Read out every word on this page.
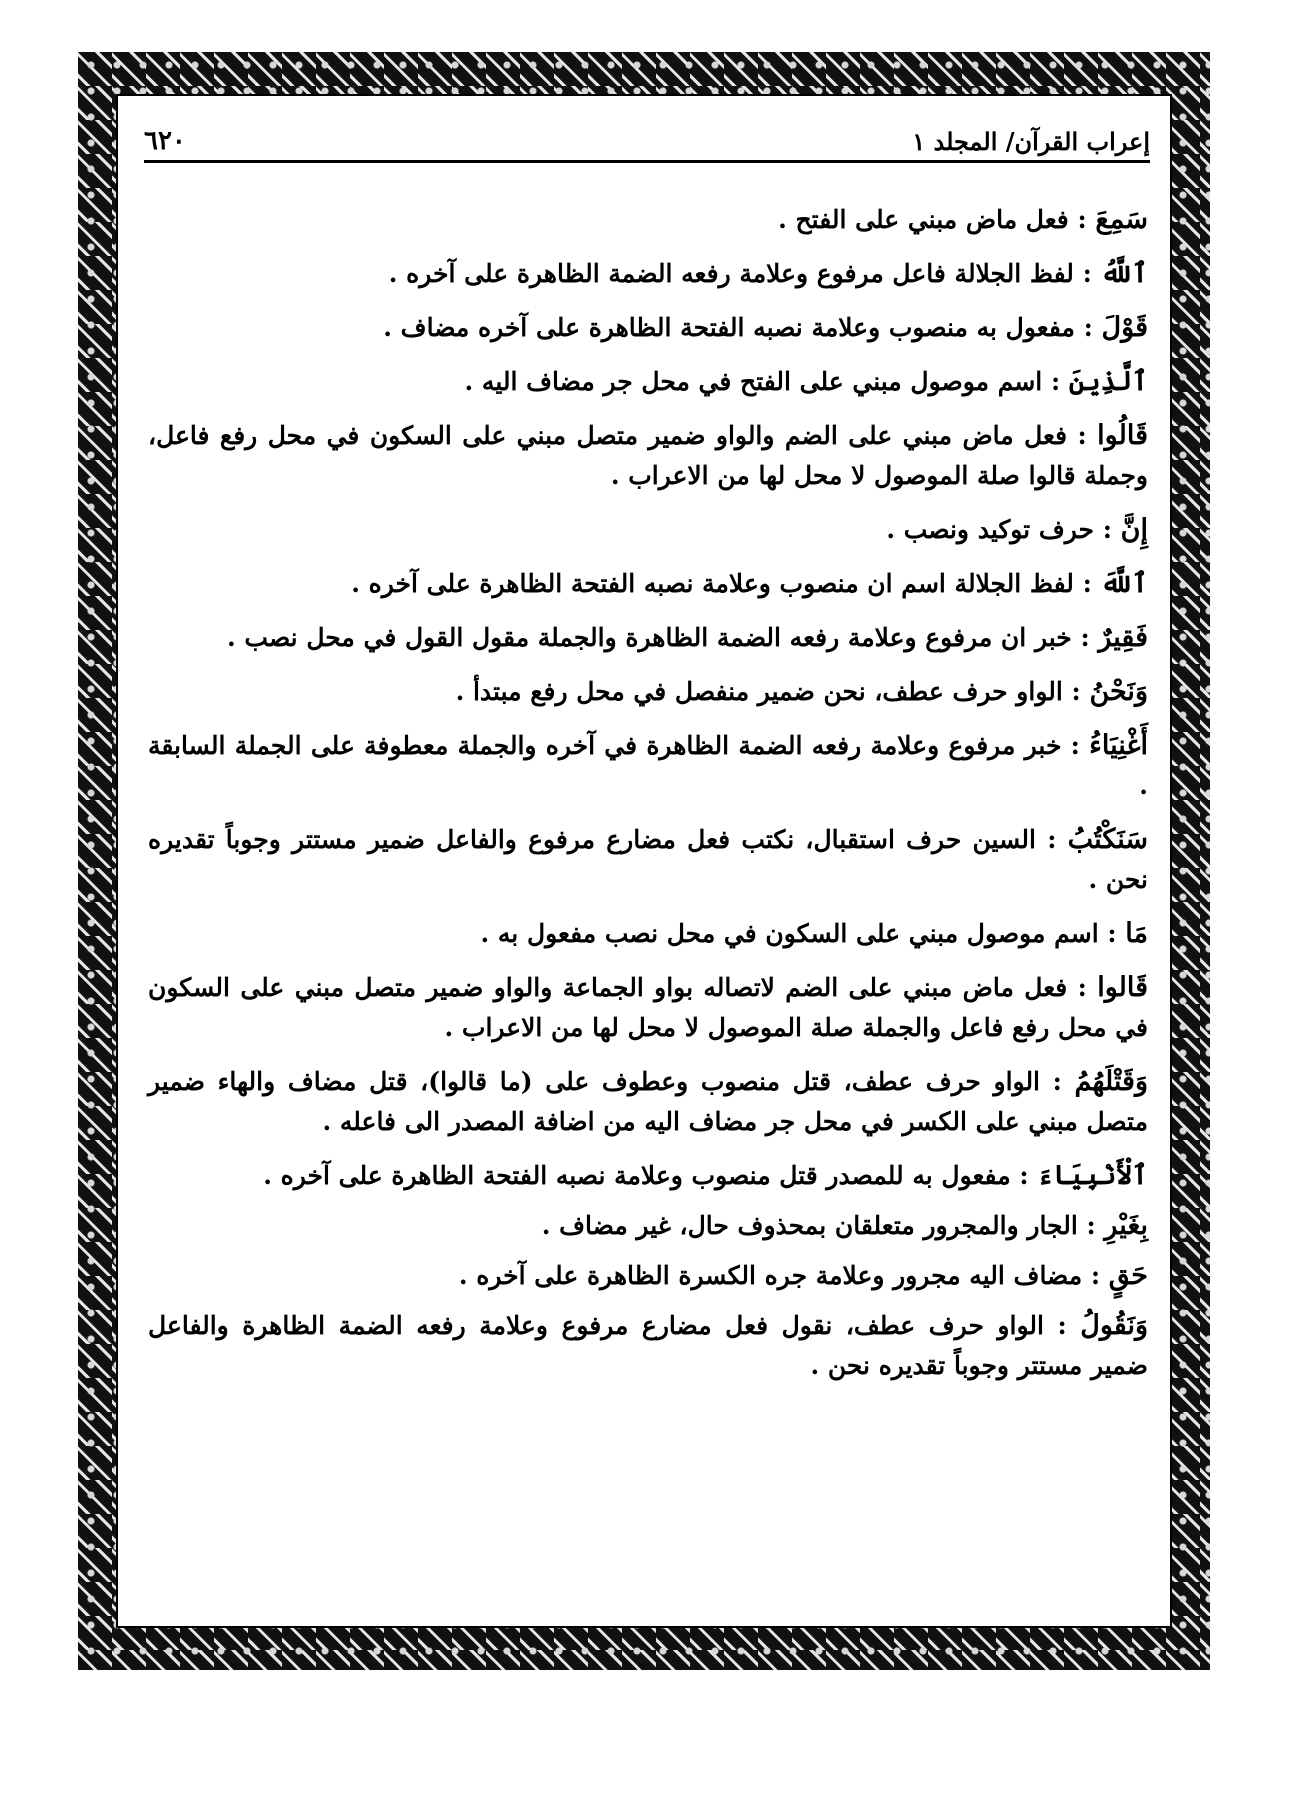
٦٢٠	إعراب القرآن/ المجلد ١

سَمِعَ : فعل ماض مبني على الفتح .

ٱللَّهُ : لفظ الجلالة فاعل مرفوع وعلامة رفعه الضمة الظاهرة على آخره .

قَوْلَ : مفعول به منصوب وعلامة نصبه الفتحة الظاهرة على آخره مضاف .

ٱلَّذِينَ : اسم موصول مبني على الفتح في محل جر مضاف اليه .

قَالُوا : فعل ماض مبني على الضم والواو ضمير متصل مبني على السكون في محل رفع فاعل، وجملة قالوا صلة الموصول لا محل لها من الاعراب .

إِنَّ : حرف توكيد ونصب .

ٱللَّهَ : لفظ الجلالة اسم ان منصوب وعلامة نصبه الفتحة الظاهرة على آخره .

فَقِيرٌ : خبر ان مرفوع وعلامة رفعه الضمة الظاهرة والجملة مقول القول في محل نصب .

وَنَحْنُ : الواو حرف عطف، نحن ضمير منفصل في محل رفع مبتدأ .

أَغْنِيَاءُ : خبر مرفوع وعلامة رفعه الضمة الظاهرة في آخره والجملة معطوفة على الجملة السابقة .

سَنَكْتُبُ : السين حرف استقبال، نكتب فعل مضارع مرفوع والفاعل ضمير مستتر وجوباً تقديره نحن .

مَا : اسم موصول مبني على السكون في محل نصب مفعول به .

قَالوا : فعل ماض مبني على الضم لاتصاله بواو الجماعة والواو ضمير متصل مبني على السكون في محل رفع فاعل والجملة صلة الموصول لا محل لها من الاعراب .

وَقَتْلَهُمُ : الواو حرف عطف، قتل منصوب وعطوف على (ما قالوا)، قتل مضاف والهاء ضمير متصل مبني على الكسر في محل جر مضاف اليه من اضافة المصدر الى فاعله .

ٱلْأَنْبِيَاءَ : مفعول به للمصدر قتل منصوب وعلامة نصبه الفتحة الظاهرة على آخره .

بِغَيْرِ : الجار والمجرور متعلقان بمحذوف حال، غير مضاف .

حَقٍ : مضاف اليه مجرور وعلامة جره الكسرة الظاهرة على آخره .

وَنَقُولُ : الواو حرف عطف، نقول فعل مضارع مرفوع وعلامة رفعه الضمة الظاهرة والفاعل ضمير مستتر وجوباً تقديره نحن .
